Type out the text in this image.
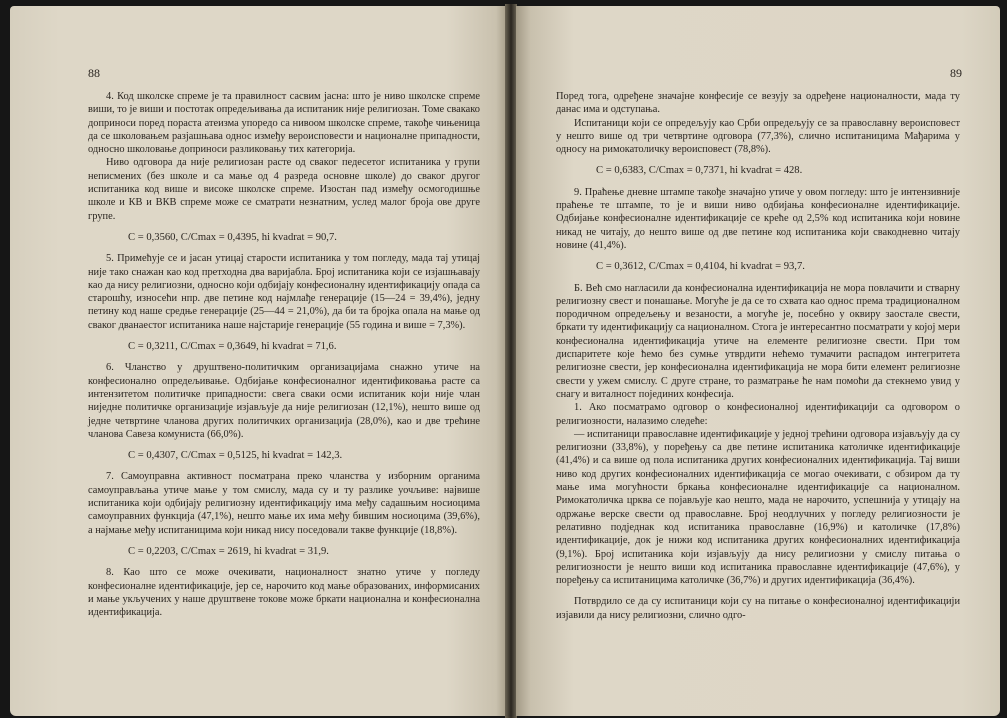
88

4. Код школске спреме је та правилност сасвим јасна: што је ниво школске спреме виши, то је виши и постотак опредељивања да испитаник није религиозан. Томе свакако доприноси поред пораста атеизма упоредо са нивоом школске спреме, такође чињеница да се школовањем разјашњава однос између вероисповести и националне припадности, односно школовање доприноси разликовању тих категорија.

Ниво одговора да није религиозан расте од сваког педесетог испитаника у групи неписмених (без школе и са мање од 4 разреда основне школе) до сваког другог испитаника код више и високе школске спреме. Изостан пад између осмогодишње школе и КВ и ВКВ спреме може се сматрати незнатним, услед малог броја ове друге групе.

C = 0,3560, C/Cmax = 0,4395, hi kvadrat = 90,7.

5. Примећује се и јасан утицај старости испитаника у том погледу, мада тај утицај није тако снажан као код претходна два варијабла. Број испитаника који се изјашњавају као да нису религиозни, односно који одбијају конфесионалну идентификацију опада са старошћу, износећи нпр. две петине код најмлађе генерације (15—24 = 39,4%), једну петину код наше средње генерације (25—44 = 21,0%), да би та бројка опала на мање од сваког дванаестог испитаника наше најстарије генерације (55 година и више = 7,3%).

C = 0,3211, C/Cmax = 0,3649, hi kvadrat = 71,6.

6. Чланство у друштвено-политичким организацијама снажно утиче на конфесионално опредељивање. Одбијање конфесионалног идентификовања расте са интензитетом политичке припадности: свега сваки осми испитаник који није члан ниједне политичке организације изјављује да није религиозан (12,1%), нешто више од једне четвртине чланова других политичких организација (28,0%), као и две трећине чланова Савеза комуниста (66,0%).

C = 0,4307, C/Cmax = 0,5125, hi kvadrat = 142,3.

7. Самоуправна активност посматрана преко чланства у изборним органима самоуправљања утиче мање у том смислу, мада су и ту разлике уочљиве: највише испитаника који одбијају религиозну идентификацију има међу садашњим носиоцима самоуправних функција (47,1%), нешто мање их има међу бившим носиоцима (39,6%), а најмање међу испитаницима који никад нису поседовали такве функције (18,8%).

C = 0,2203, C/Cmax = 2619, hi kvadrat = 31,9.

8. Као што се може очекивати, националност знатно утиче у погледу конфесионалне идентификације, јер се, нарочито код мање образованих, информисаних и мање укључених у наше друштвене токове може бркати национална и конфесионална идентификација.

89

Поред тога, одређене значајне конфесије се везују за одређене националности, мада ту данас има и одступања.

Испитаници који се опредељују као Срби опредељују се за православну вероисповест у нешто више од три четвртине одговора (77,3%), слично испитаницима Мађарима у односу на римокатоличку вероисповест (78,8%).

C = 0,6383, C/Cmax = 0,7371, hi kvadrat = 428.

9. Праћење дневне штампе такође значајно утиче у овом погледу: што је интензивније праћење те штампе, то је и виши ниво одбијања конфесионалне идентификације. Одбијање конфесионалне идентификације се креће од 2,5% код испитаника који новине никад не читају, до нешто више од две петине код испитаника који свакодневно читају новине (41,4%).

C = 0,3612, C/Cmax = 0,4104, hi kvadrat = 93,7.

Б. Већ смо нагласили да конфесионална идентификација не мора повлачити и стварну религиозну свест и понашање. Могуће је да се то схвата као однос према традиционалном породичном опредељењу и везаности, а могуће је, посебно у оквиру заостале свести, бркати ту идентификацију са националном. Стога је интересантно посматрати у којој мери конфесионална идентификација утиче на елементе религиозне свести. При том диспаритете које ћемо без сумње утврдити нећемо тумачити распадом интегритета религиозне свести, јер конфесионална идентификација не мора бити елемент религиозне свести у ужем смислу. С друге стране, то разматрање ће нам помоћи да стекнемо увид у снагу и виталност појединих конфесија.

1. Ако посматрамо одговор о конфесионалној идентификацији са одговором о религиозности, налазимо следеће:

— испитаници православне идентификације у једној трећини одговора изјављују да су религиозни (33,8%), у поређењу са две петине испитаника католичке идентификације (41,4%) и са више од пола испитаника других конфесионалних идентификација. Тај виши ниво код других конфесионалних идентификација се могао очекивати, с обзиром да ту мање има могућности бркања конфесионалне идентификације са националном. Римокатоличка црква се појављује као нешто, мада не нарочито, успешнија у утицају на одржање верске свести од православне. Број неодлучних у погледу религиозности је релативно подједнак код испитаника православне (16,9%) и католичке (17,8%) идентификације, док је нижи код испитаника других конфесионалних идентификација (9,1%). Број испитаника који изјављују да нису религиозни у смислу питања о религиозности је нешто виши код испитаника православне идентификације (47,6%), у поређењу са испитаницима католичке (36,7%) и других идентификација (36,4%).

Потврдило се да су испитаници који су на питање о конфесионалној идентификацији изјавили да нису религиозни, слично одго-
